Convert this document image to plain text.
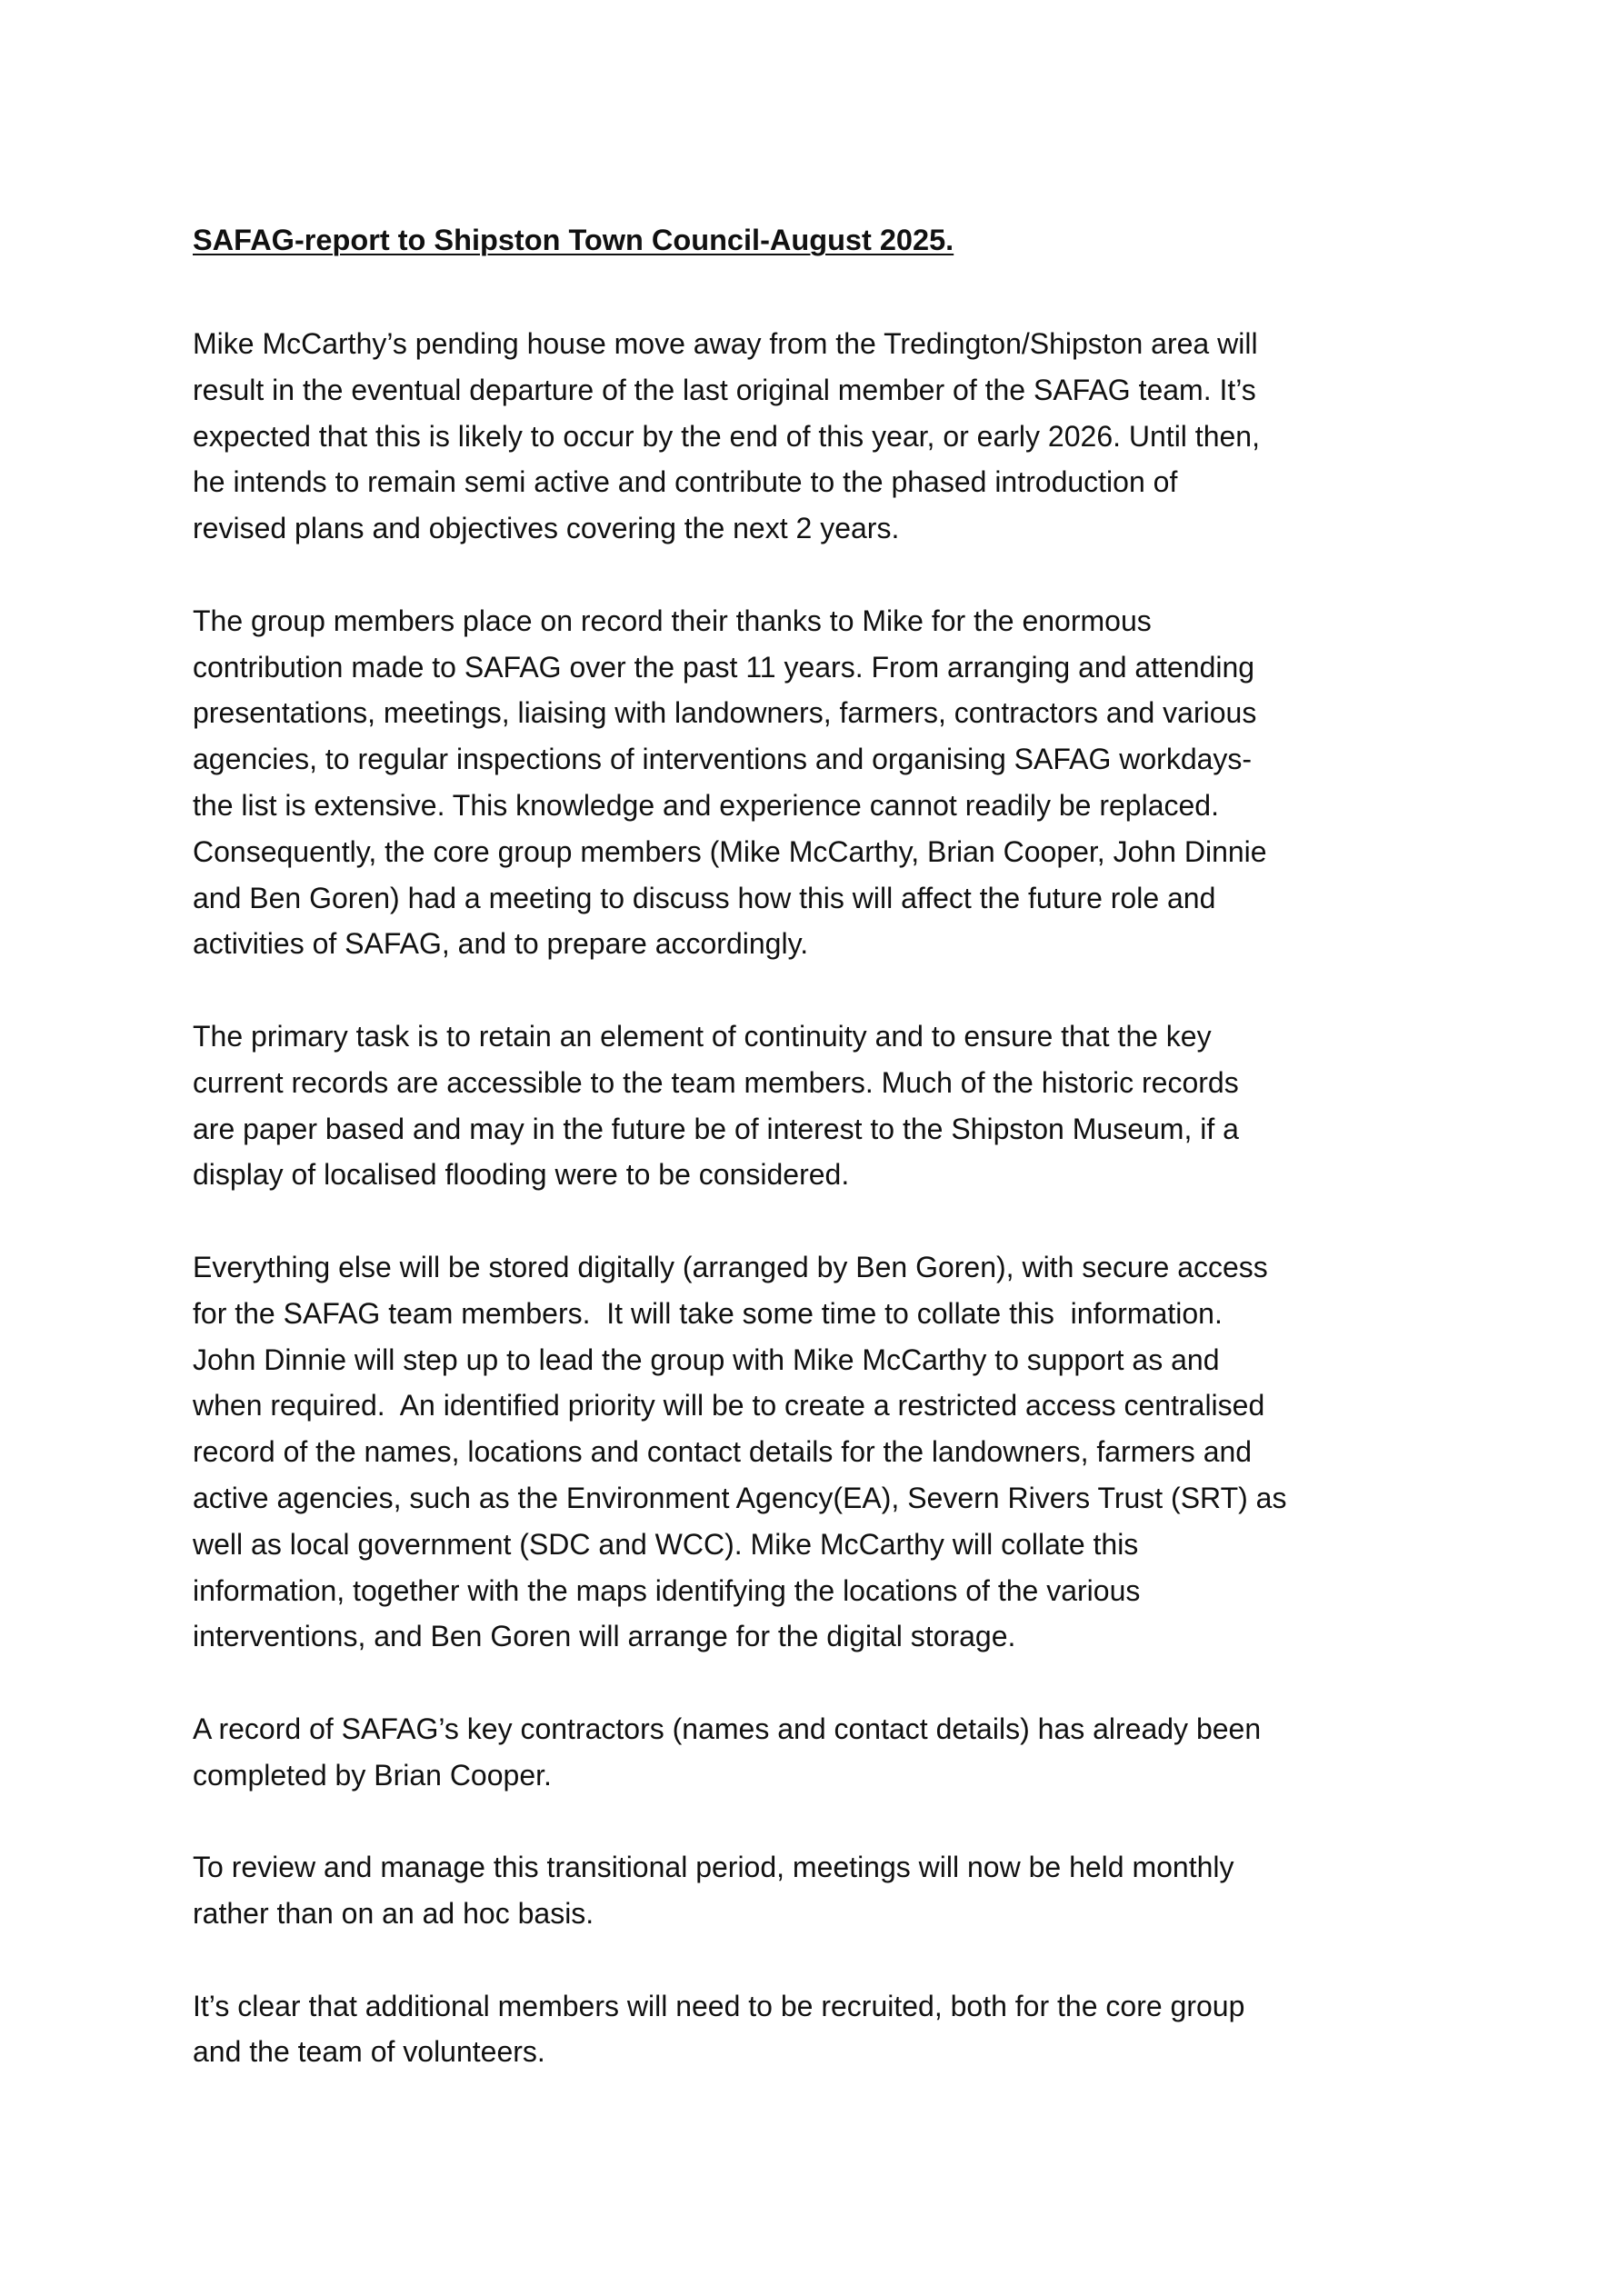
SAFAG-report to Shipston Town Council-August 2025.

Mike McCarthy’s pending house move away from the Tredington/Shipston area will
result in the eventual departure of the last original member of the SAFAG team. It’s
expected that this is likely to occur by the end of this year, or early 2026. Until then,
he intends to remain semi active and contribute to the phased introduction of
revised plans and objectives covering the next 2 years.

The group members place on record their thanks to Mike for the enormous
contribution made to SAFAG over the past 11 years. From arranging and attending
presentations, meetings, liaising with landowners, farmers, contractors and various
agencies, to regular inspections of interventions and organising SAFAG workdays-
the list is extensive. This knowledge and experience cannot readily be replaced.
Consequently, the core group members (Mike McCarthy, Brian Cooper, John Dinnie
and Ben Goren) had a meeting to discuss how this will affect the future role and
activities of SAFAG, and to prepare accordingly.

The primary task is to retain an element of continuity and to ensure that the key
current records are accessible to the team members. Much of the historic records
are paper based and may in the future be of interest to the Shipston Museum, if a
display of localised flooding were to be considered.

Everything else will be stored digitally (arranged by Ben Goren), with secure access
for the SAFAG team members.  It will take some time to collate this  information.
John Dinnie will step up to lead the group with Mike McCarthy to support as and
when required.  An identified priority will be to create a restricted access centralised
record of the names, locations and contact details for the landowners, farmers and
active agencies, such as the Environment Agency(EA), Severn Rivers Trust (SRT) as
well as local government (SDC and WCC). Mike McCarthy will collate this
information, together with the maps identifying the locations of the various
interventions, and Ben Goren will arrange for the digital storage.

A record of SAFAG’s key contractors (names and contact details) has already been
completed by Brian Cooper.

To review and manage this transitional period, meetings will now be held monthly
rather than on an ad hoc basis.

It’s clear that additional members will need to be recruited, both for the core group
and the team of volunteers.
